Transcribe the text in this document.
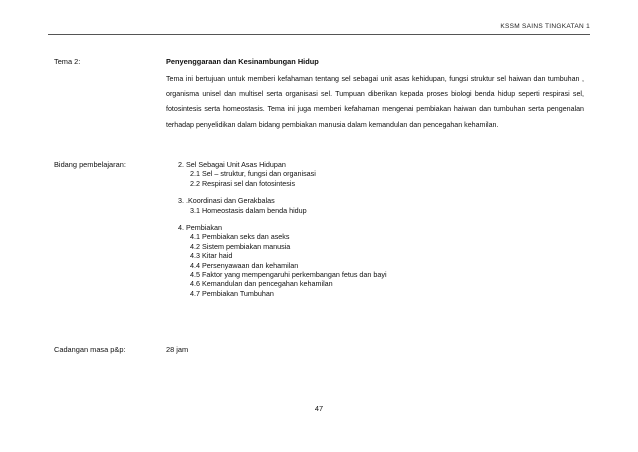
KSSM SAINS TINGKATAN 1
Tema 2:	Penyenggaraan dan Kesinambungan Hidup

Tema ini bertujuan untuk memberi kefahaman tentang sel sebagai unit asas kehidupan, fungsi struktur sel haiwan dan tumbuhan , organisma unisel dan multisel serta organisasi sel. Tumpuan diberikan kepada proses biologi benda hidup seperti respirasi sel, fotosintesis serta homeostasis. Tema ini juga memberi kefahaman mengenai pembiakan haiwan dan tumbuhan serta pengenalan terhadap penyelidikan dalam bidang pembiakan manusia dalam kemandulan dan pencegahan kehamilan.

Bidang pembelajaran:	2. Sel Sebagai Unit Asas Hidupan
2.1 Sel – struktur, fungsi dan organisasi
2.2 Respirasi sel dan fotosintesis
3. .Koordinasi dan Gerakbalas
3.1 Homeostasis dalam benda hidup
4. Pembiakan
4.1 Pembiakan seks dan aseks
4.2 Sistem pembiakan manusia
4.3 Kitar haid
4.4 Persenyawaan dan kehamilan
4.5 Faktor yang mempengaruhi perkembangan fetus dan bayi
4.6 Kemandulan dan pencegahan kehamilan
4.7 Pembiakan Tumbuhan
Cadangan masa p&p:	28 jam
47
